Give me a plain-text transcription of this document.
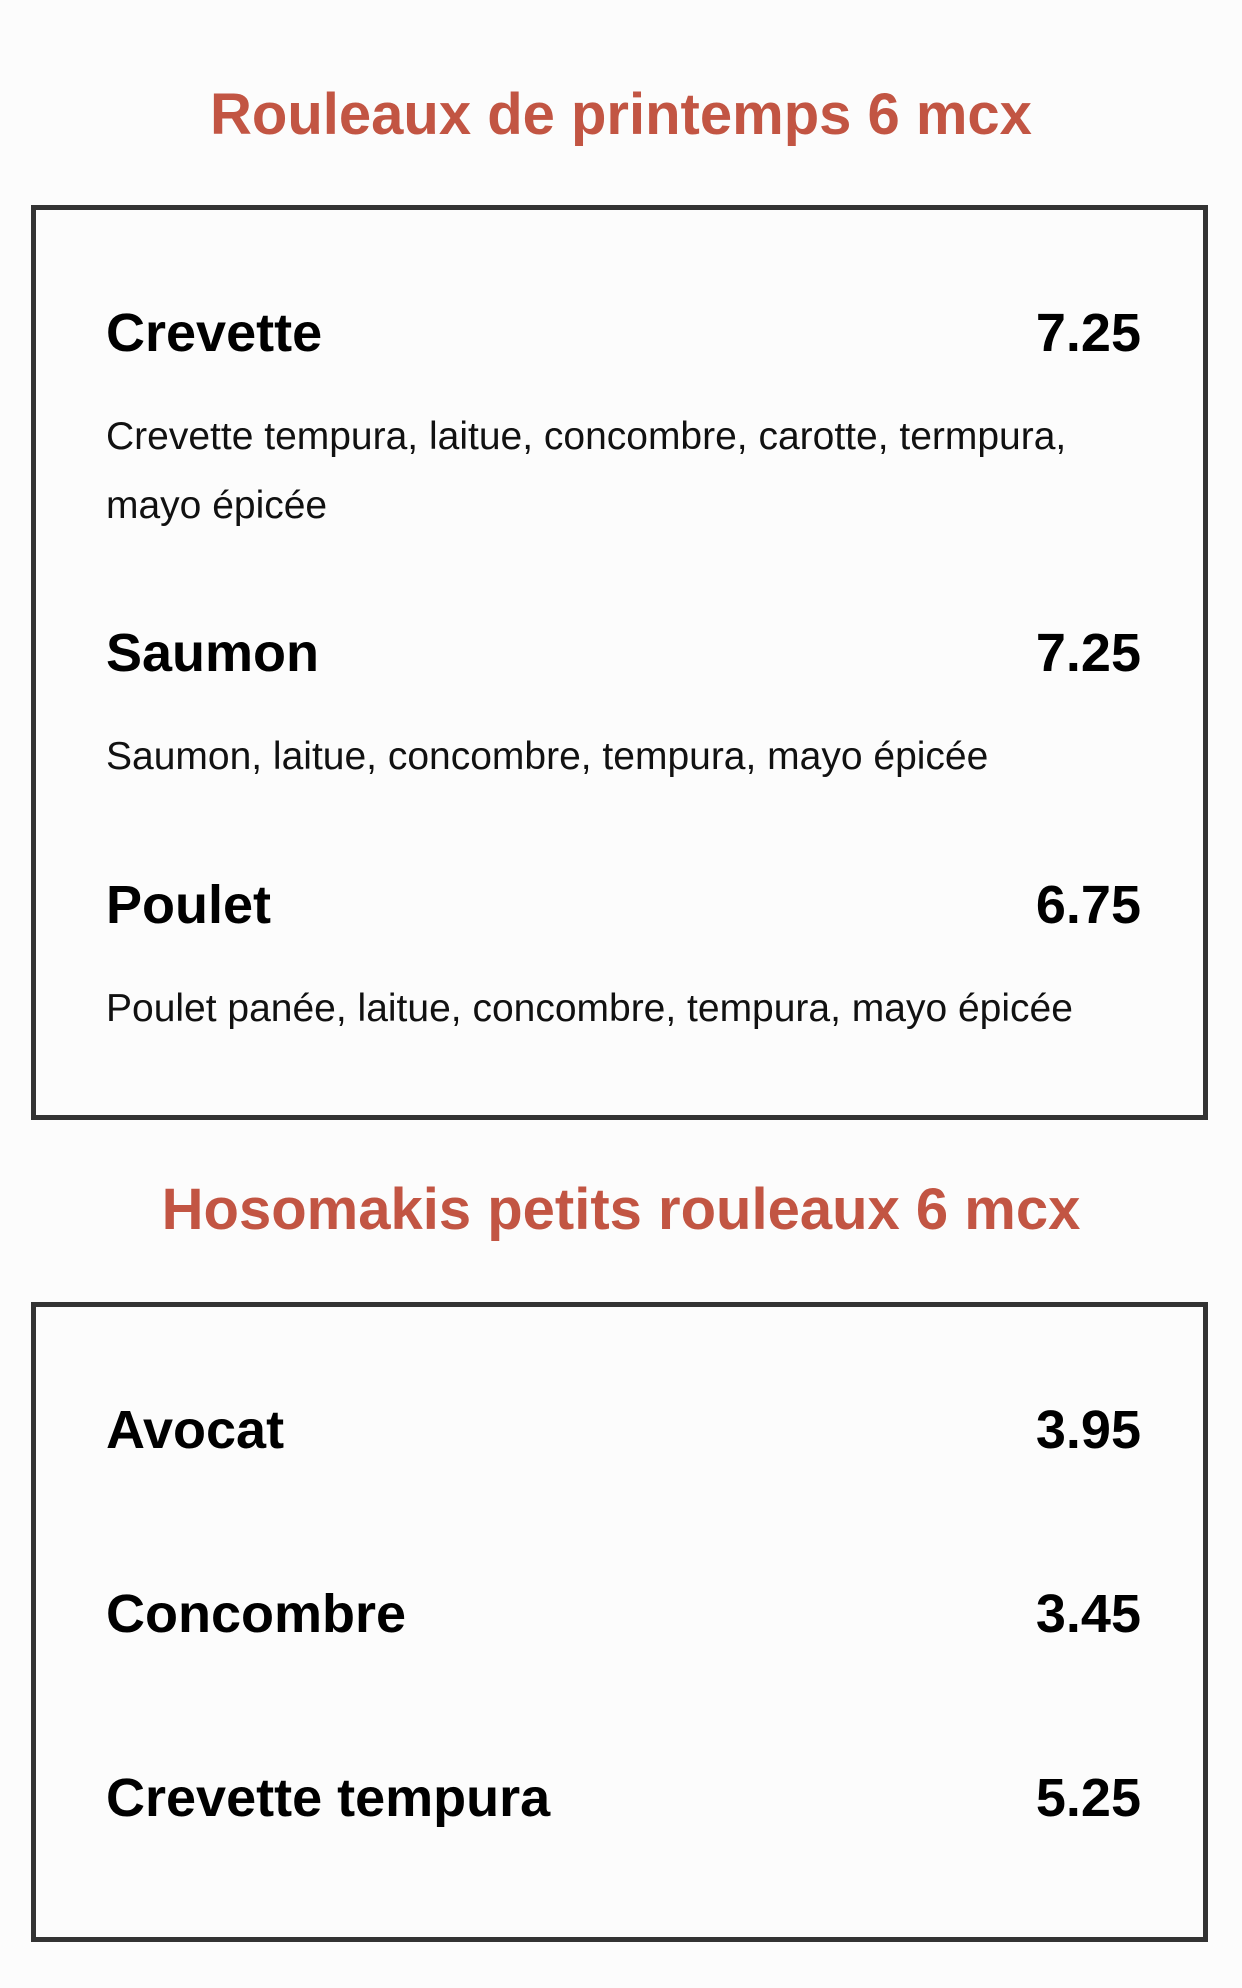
Rouleaux de printemps 6 mcx
Crevette	7.25
Crevette tempura, laitue, concombre, carotte, termpura, mayo épicée
Saumon	7.25
Saumon, laitue, concombre, tempura, mayo épicée
Poulet	6.75
Poulet panée, laitue, concombre, tempura, mayo épicée
Hosomakis petits rouleaux 6 mcx
Avocat	3.95
Concombre	3.45
Crevette tempura	5.25
